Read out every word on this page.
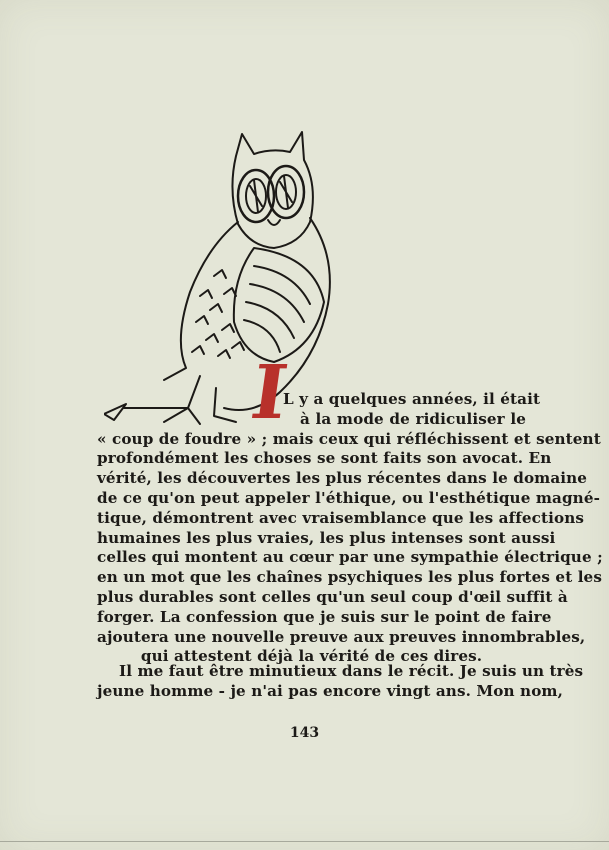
I
L y a quelques années, il était
à la mode de ridiculiser le
« coup de foudre » ; mais ceux qui réfléchissent et sentent
profondément les choses se sont faits son avocat. En
vérité, les découvertes les plus récentes dans le domaine
de ce qu'on peut appeler l'éthique, ou l'esthétique magné-
tique, démontrent avec vraisemblance que les affections
humaines les plus vraies, les plus intenses sont aussi
celles qui montent au cœur par une sympathie électrique ;
en un mot que les chaînes psychiques les plus fortes et les
plus durables sont celles qu'un seul coup d'œil suffit à
forger. La confession que je suis sur le point de faire
ajoutera une nouvelle preuve aux preuves innombrables,
qui attestent déjà la vérité de ces dires.
Il me faut être minutieux dans le récit. Je suis un très
jeune homme - je n'ai pas encore vingt ans. Mon nom,
143
